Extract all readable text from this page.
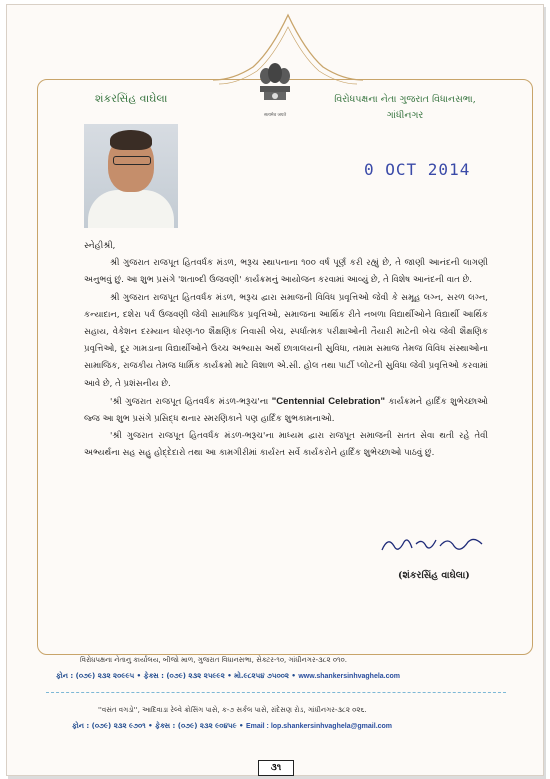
सत्यमेव जयते
શંકરસિંહ વાઘેલા	વિરોધપક્ષના નેતા ગુજરાત વિધાનસભા,
ગાંધીનગર
0 OCT 2014

સ્નેહીશ્રી,

શ્રી ગુજરાત રાજપૂત હિતવર્ધક મંડળ, ભરૂચ સ્થાપનાના ૧૦૦ વર્ષ પૂર્ણ કરી રહ્યું છે, તે જાણી આનંદની લાગણી અનુભવું છું. આ શુભ પ્રસંગે 'શતાબ્દી ઉજવણી' કાર્યક્રમનું આયોજન કરવામાં આવ્યું છે, તે વિશેષ આનંદની વાત છે.

શ્રી ગુજરાત રાજપૂત હિતવર્ધક મંડળ, ભરૂચ દ્વારા સમાજની વિવિધ પ્રવૃત્તિઓ જેવી કે સમૂહ લગ્ન, સરળ લગ્ન, કન્યાદાન, દશેરા પર્વ ઉજવણી જેવી સામાજિક પ્રવૃત્તિઓ, સમાજના આર્થિક રીતે નબળા વિદ્યાર્થીઓને વિદ્યાર્થી આર્થિક સહાય, વેકેશન દરમ્યાન ધોરણ-૧૦ શૈક્ષણિક નિવાસી બેચ, સ્પર્ધાત્મક પરીક્ષાઓની તૈયારી માટેની બેચ જેવી શૈક્ષણિક પ્રવૃત્તિઓ, દૂર ગામડાના વિદ્યાર્થીઓને ઉચ્ચ અભ્યાસ અર્થે છાત્રાલયની સુવિધા, તમામ સમાજ તેમજ વિવિધ સંસ્થાઓના સામાજિક, રાજકીય તેમજ ધાર્મિક કાર્યક્રમો માટે વિશાળ એ.સી. હોલ તથા પાર્ટી પ્લોટની સુવિધા જેવી પ્રવૃત્તિઓ કરવામાં આવે છે, તે પ્રશંસનીય છે.

'શ્રી ગુજરાત રાજપૂત હિતવર્ધક મંડળ-ભરૂચ'ના "Centennial Celebration" કાર્યક્રમને હાર્દિક શુભેચ્છાઓ જ્જ આ શુભ પ્રસંગે પ્રસિદ્ધ થનાર સ્મરણિકાને પણ હાર્દિક શુભકામનાઓ.

'શ્રી ગુજરાત રાજપૂત હિતવર્ધક મંડળ-ભરૂચ'ના માધ્યમ દ્વારા રાજપૂત સમાજની સતત સેવા થતી રહે તેવી અભ્યર્થના સહ સહુ હોદ્દેદારો તથા આ કામગીરીમાં કાર્યરત સર્વે કાર્યકરોને હાર્દિક શુભેચ્છાઓ પાઠવું છું.

(શંકરસિંહ વાઘેલા)
વિરોધપક્ષના નેતાનુ કાર્યાલય, બીજો માળ, ગુજરાત વિધાનસભા, સેક્ટર-૧૦, ગાંધીનગર-૩૮૨ ૦૧૦.
ફોન : (૦૭૯) ૨૩૨ ૨૦૯૯૫ • ફેક્સ : (૦૭૯) ૨૩૨ ૨૫૯૯૨ • મો.૯૮૨૫૪ ૭૫૦૦૨ • www.shankersinhvaghela.com
''વસંત વગડો'', આદિવાડા રેલ્વે ક્રોસિંગ પાસે, ક-૭ સર્કલ પાસે, રાંદેસણ રોડ, ગાંધીનગર-૩૮૨ ૦૨૬.
ફોન : (૦૭૯) ૨૩૨ ૯૭૦૧ • ફેક્સ : (૦૭૯) ૨૩૨ ૯૦૪૫૯ • Email : lop.shankersinhvaghela@gmail.com
૩૧
